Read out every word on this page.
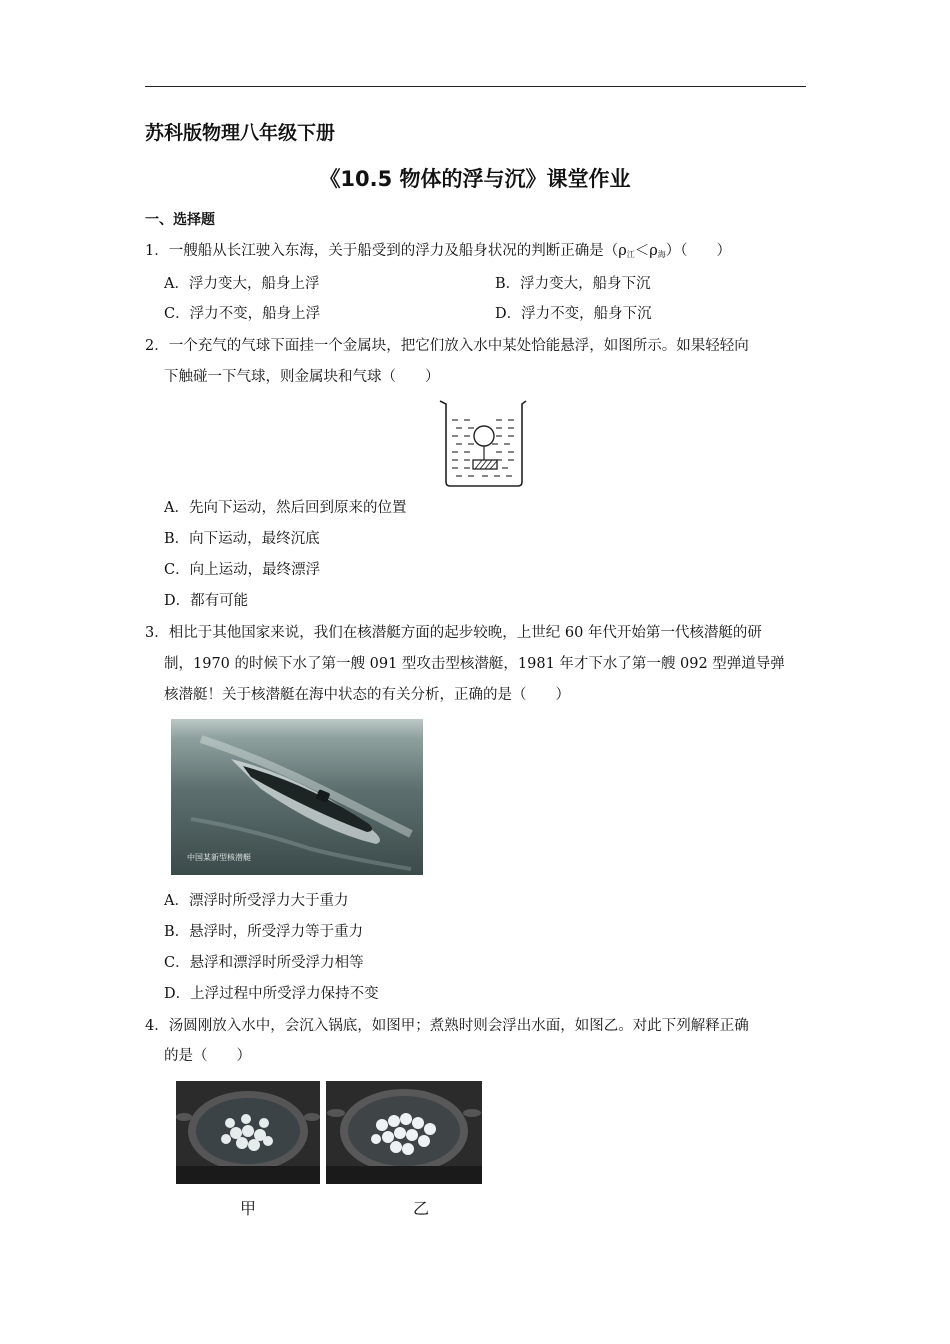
苏科版物理八年级下册
《10.5 物体的浮与沉》课堂作业
一、选择题
1．一艘船从长江驶入东海，关于船受到的浮力及船身状况的判断正确是$(\rho_江<\rho_海)$（　　）
A．浮力变大，船身上浮	B．浮力变大，船身下沉
C．浮力不变，船身上浮	D．浮力不变，船身下沉
2．一个充气的气球下面挂一个金属块，把它们放入水中某处恰能悬浮，如图所示。如果轻轻向
下触碰一下气球，则金属块和气球（　　）
A．先向下运动，然后回到原来的位置
B．向下运动，最终沉底
C．向上运动，最终漂浮
D．都有可能
3．相比于其他国家来说，我们在核潜艇方面的起步较晚，上世纪 60 年代开始第一代核潜艇的研
制，1970 的时候下水了第一艘 091 型攻击型核潜艇，1981 年才下水了第一艘 092 型弹道导弹
核潜艇！关于核潜艇在海中状态的有关分析，正确的是（　　）
中国某新型核潜艇
A．漂浮时所受浮力大于重力
B．悬浮时，所受浮力等于重力
C．悬浮和漂浮时所受浮力相等
D．上浮过程中所受浮力保持不变
4．汤圆刚放入水中，会沉入锅底，如图甲；煮熟时则会浮出水面，如图乙。对此下列解释正确
的是（　　）
甲	乙
